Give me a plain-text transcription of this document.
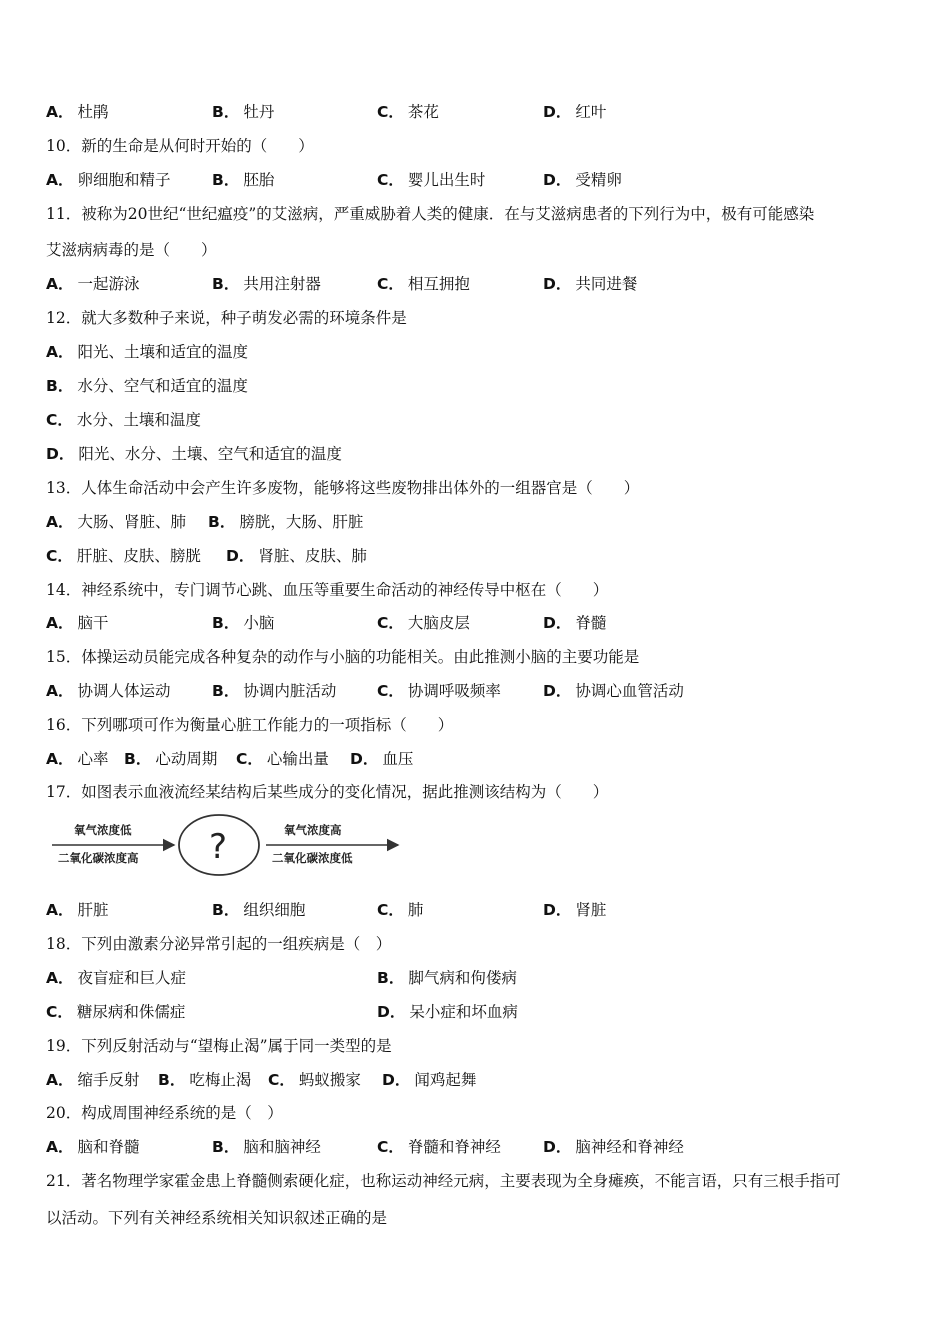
A． 杜鹃	B． 牡丹	C． 茶花	D． 红叶
10．新的生命是从何时开始的（　　）
A． 卵细胞和精子	B． 胚胎	C． 婴儿出生时	D． 受精卵
11．被称为20世纪“世纪瘟疫”的艾滋病，严重威胁着人类的健康．在与艾滋病患者的下列行为中，极有可能感染
艾滋病病毒的是（　　）
A． 一起游泳	B． 共用注射器	C． 相互拥抱	D． 共同进餐
12．就大多数种子来说，种子萌发必需的环境条件是
A． 阳光、土壤和适宜的温度
B． 水分、空气和适宜的温度
C． 水分、土壤和温度
D． 阳光、水分、土壤、空气和适宜的温度
13．人体生命活动中会产生许多废物，能够将这些废物排出体外的一组器官是（　　）
A． 大肠、肾脏、肺 B． 膀胱，大肠、肝脏
C． 肝脏、皮肤、膀胱 D． 肾脏、皮肤、肺
14．神经系统中，专门调节心跳、血压等重要生命活动的神经传导中枢在（　　）
A． 脑干	B． 小脑	C． 大脑皮层	D． 脊髓
15．体操运动员能完成各种复杂的动作与小脑的功能相关。由此推测小脑的主要功能是
A． 协调人体运动	B． 协调内脏活动	C． 协调呼吸频率	D． 协调心血管活动
16．下列哪项可作为衡量心脏工作能力的一项指标（　　）
A． 心率 B． 心动周期 C． 心输出量 D． 血压
17．如图表示血液流经某结构后某些成分的变化情况，据此推测该结构为（　　）
氧气浓度低
二氧化碳浓度高 ?	氧气浓度高
二氧化碳浓度低
A． 肝脏	B． 组织细胞	C． 肺	D． 肾脏
18．下列由激素分泌异常引起的一组疾病是（　）
A． 夜盲症和巨人症	B． 脚气病和佝偻病
C． 糖尿病和侏儒症	D． 呆小症和坏血病
19．下列反射活动与“望梅止渴”属于同一类型的是
A． 缩手反射 B． 吃梅止渴 C． 蚂蚁搬家 D． 闻鸡起舞
20．构成周围神经系统的是（　）
A． 脑和脊髓	B． 脑和脑神经	C． 脊髓和脊神经	D． 脑神经和脊神经
21．著名物理学家霍金患上脊髓侧索硬化症，也称运动神经元病，主要表现为全身瘫痪，不能言语，只有三根手指可
以活动。下列有关神经系统相关知识叙述正确的是
